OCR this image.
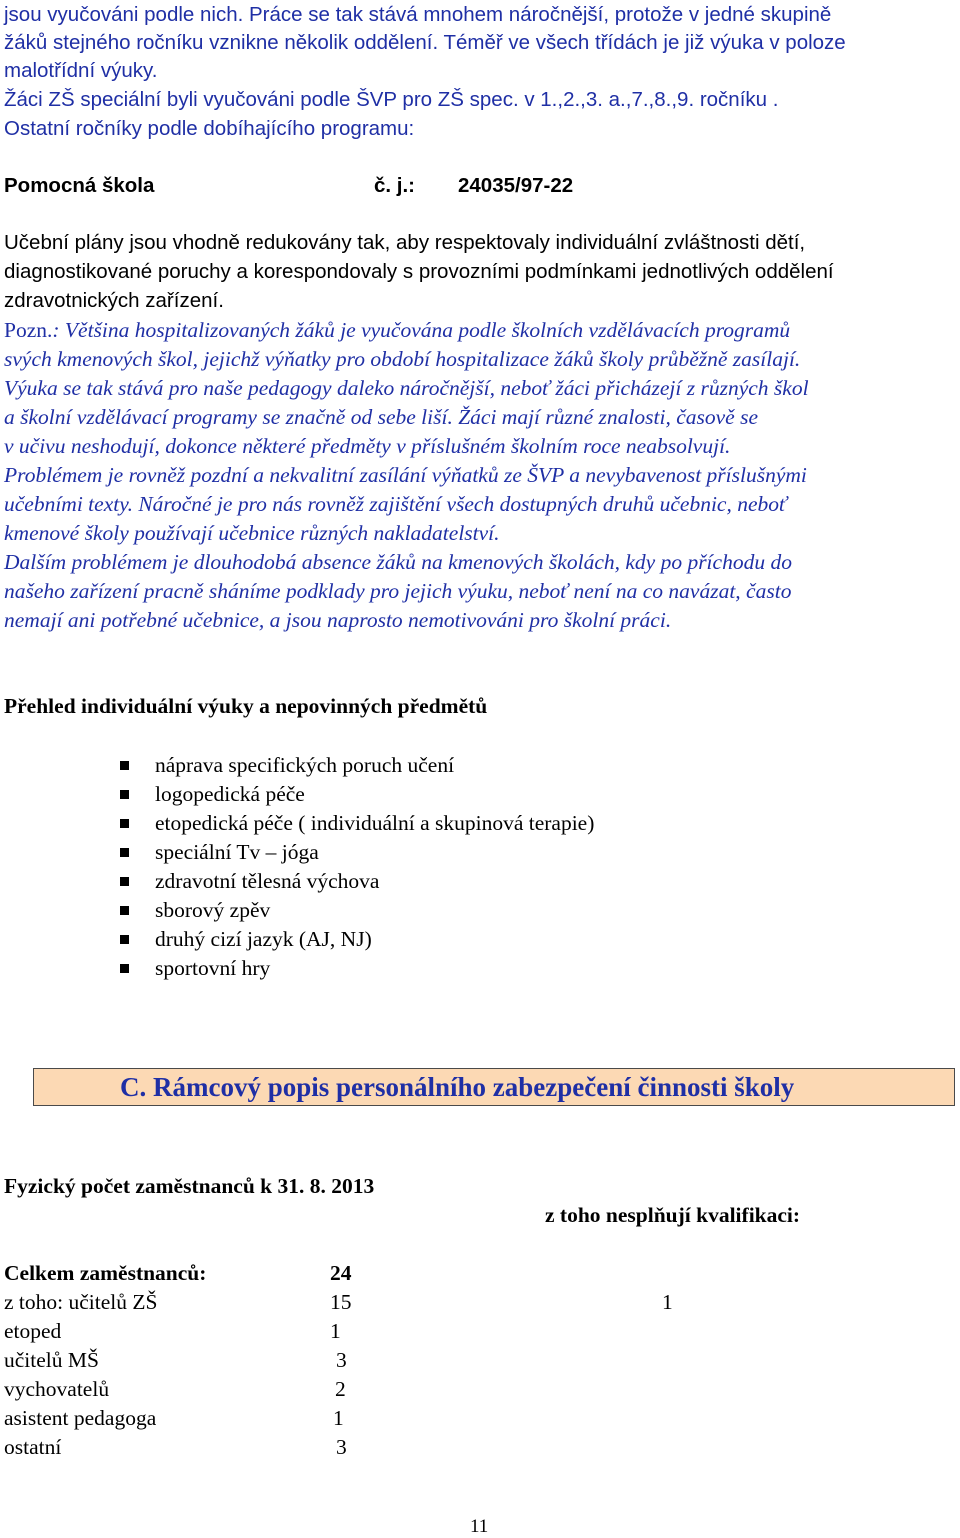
jsou vyučováni podle nich. Práce se tak stává mnohem náročnější, protože v jedné skupině
žáků stejného ročníku vznikne několik oddělení. Téměř ve všech třídách je již výuka v poloze
malotřídní výuky.
Žáci ZŠ speciální byli vyučováni podle ŠVP pro ZŠ spec. v 1.,2.,3. a.,7.,8.,9. ročníku .
Ostatní ročníky podle dobíhajícího programu:
Pomocná škola	č. j.: 24035/97-22
Učební plány jsou vhodně redukovány tak, aby respektovaly individuální zvláštnosti dětí,
diagnostikované poruchy a korespondovaly s provozními podmínkami jednotlivých oddělení
zdravotnických zařízení.
Pozn.: Většina hospitalizovaných žáků je vyučována podle školních vzdělávacích programů
svých kmenových škol, jejichž výňatky pro období hospitalizace žáků školy průběžně zasílají.
Výuka se tak stává pro naše pedagogy daleko náročnější, neboť žáci přicházejí z různých škol
a školní vzdělávací programy se značně od sebe liší. Žáci mají různé znalosti, časově se
v učivu neshodují, dokonce některé předměty v příslušném školním roce neabsolvují.
Problémem je rovněž pozdní a nekvalitní zasílání výňatků ze ŠVP a nevybavenost příslušnými
učebními texty. Náročné je pro nás rovněž zajištění všech dostupných druhů učebnic, neboť
kmenové školy používají učebnice různých nakladatelství.
Dalším problémem je dlouhodobá absence žáků na kmenových školách, kdy po příchodu do
našeho zařízení pracně sháníme podklady pro jejich výuku, neboť není na co navázat, často
nemají ani potřebné učebnice, a jsou naprosto nemotivováni pro školní práci.
Přehled individuální výuky a nepovinných předmětů
náprava specifických poruch učení
logopedická péče
etopedická péče ( individuální a skupinová terapie)
speciální Tv – jóga
zdravotní tělesná výchova
sborový zpěv
druhý cizí jazyk (AJ, NJ)
sportovní hry
C. Rámcový popis personálního zabezpečení činnosti školy
Fyzický počet zaměstnanců k 31. 8. 2013
z toho nesplňují kvalifikaci:
Celkem zaměstnanců:	24
z toho: učitelů ZŠ	15	1
etoped	1
učitelů MŠ	3
vychovatelů	2
asistent pedagoga	1
ostatní	3
11
